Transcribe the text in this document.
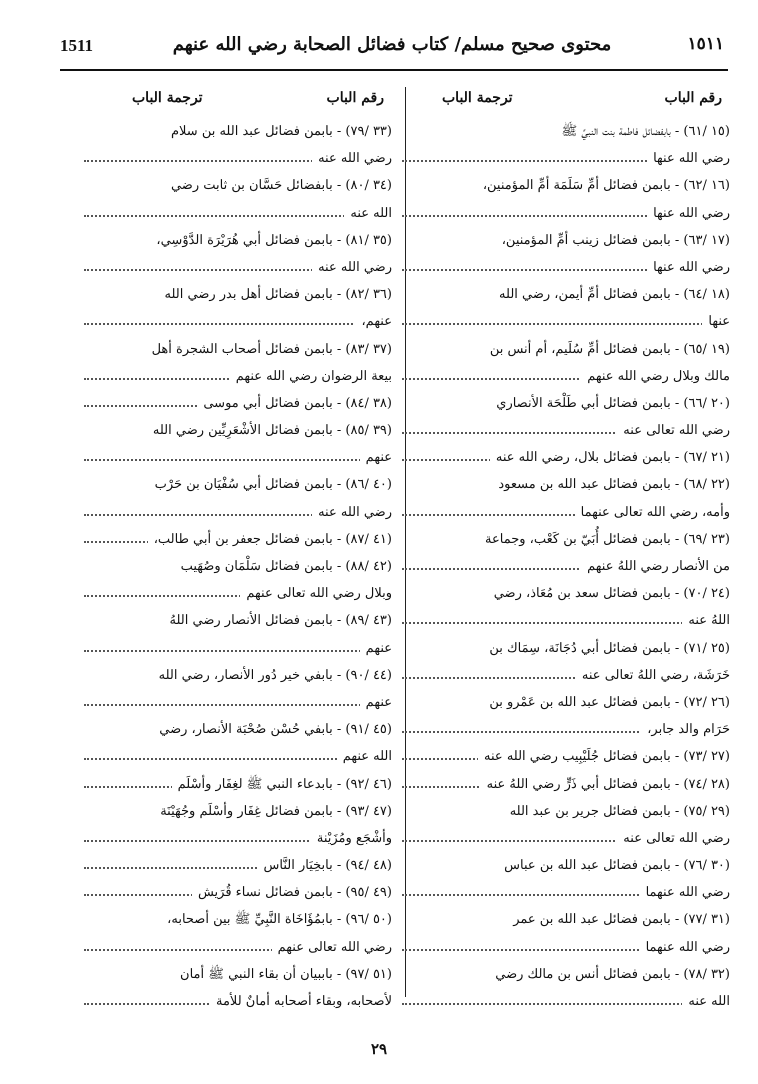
١٥١١
محتوى صحيح مسلم/ كتاب فضائل الصحابة رضي الله عنهم
1511
رقم الباب
ترجمة الباب
(١٥ /٦١) - بابفضائل فاطمة بنت النبيِّ ﷺ
رضي الله عنها
(١٦ /٦٢) - بابمن فضائل أمِّ سَلَمَة أمِّ المؤمنين،
رضي الله عنها
(١٧ /٦٣) - بابمن فضائل زينب أمِّ المؤمنين،
رضي الله عنها
(١٨ /٦٤) - بابمن فضائل أمِّ أيمن، رضي الله
عنها
(١٩ /٦٥) - بابمن فضائل أمِّ سُلَيم، أم أنس بن
مالك وبلال رضي الله عنهم
(٢٠ /٦٦) - بابمن فضائل أبي طَلْحَة الأنصاري
رضي الله تعالى عنه
(٢١ /٦٧) - بابمن فضائل بلال، رضي الله عنه
(٢٢ /٦٨) - بابمن فضائل عبد الله بن مسعود
وأمه، رضي الله تعالى عنهما
(٢٣ /٦٩) - بابمن فضائل أُبَيّ بن كَعْب، وجماعة
من الأنصار رضي اللهُ عنهم
(٢٤ /٧٠) - بابمن فضائل سعد بن مُعَاذ، رضي
اللهُ عنه
(٢٥ /٧١) - بابمن فضائل أبي دُجَانَة، سِمَاك بن
خَرَشَة، رضي اللهُ تعالى عنه
(٢٦ /٧٢) - بابمن فضائل عبد الله بن عَمْرو بن
حَرَام والد جابر،
(٢٧ /٧٣) - بابمن فضائل جُلَيْبِيب رضي الله عنه
(٢٨ /٧٤) - بابمن فضائل أبي ذَرٍّ رضي اللهُ عنه
(٢٩ /٧٥) - بابمن فضائل جرير بن عبد الله
رضي الله تعالى عنه
(٣٠ /٧٦) - بابمن فضائل عبد الله بن عباس
رضي الله عنهما
(٣١ /٧٧) - بابمن فضائل عبد الله بن عمر
رضي الله عنهما
(٣٢ /٧٨) - بابمن فضائل أنس بن مالك رضي
الله عنه
رقم الباب
ترجمة الباب
(٣٣ /٧٩) - بابمن فضائل عبد الله بن سلام
رضي الله عنه
(٣٤ /٨٠) - بابفضائل حَسَّان بن ثابت رضي
الله عنه
(٣٥ /٨١) - بابمن فضائل أبي هُرَيْرَة الدَّوْسِي،
رضي الله عنه
(٣٦ /٨٢) - بابمن فضائل أهل بدر رضي الله
عنهم،
(٣٧ /٨٣) - بابمن فضائل أصحاب الشجرة أهل
بيعة الرضوان رضي الله عنهم
(٣٨ /٨٤) - بابمن فضائل أبي موسى
(٣٩ /٨٥) - بابمن فضائل الأشْعَرِيِّين رضي الله
عنهم
(٤٠ /٨٦) - بابمن فضائل أبي سُفْيَان بن حَرْب
رضي الله عنه
(٤١ /٨٧) - بابمن فضائل جعفر بن أبي طالب،
(٤٢ /٨٨) - بابمن فضائل سَلْمَان وصُهَيب
وبلال رضي الله تعالى عنهم
(٤٣ /٨٩) - بابمن فضائل الأنصار رضي اللهُ
عنهم
(٤٤ /٩٠) - بابفي خير دُور الأنصار، رضي الله
عنهم
(٤٥ /٩١) - بابفي حُسْن صُحْبَة الأنصار، رضي
الله عنهم
(٤٦ /٩٢) - بابدعاء النبي ﷺ لغِفَار وأسْلَم
(٤٧ /٩٣) - بابمن فضائل غِفَار وأسْلَم وجُهَيْنَة
وأشْجَع ومُزَيْنة
(٤٨ /٩٤) - بابخِيَار النَّاس
(٤٩ /٩٥) - بابمن فضائل نساء قُرَيش
(٥٠ /٩٦) - بابمُؤَاخَاة النَّبِيِّ ﷺ بين أصحابه،
رضي الله تعالى عنهم
(٥١ /٩٧) - باببيان أن بقاء النبي ﷺ أمان
لأصحابه، وبقاء أصحابه أمانٌ للأمة
٢٩
